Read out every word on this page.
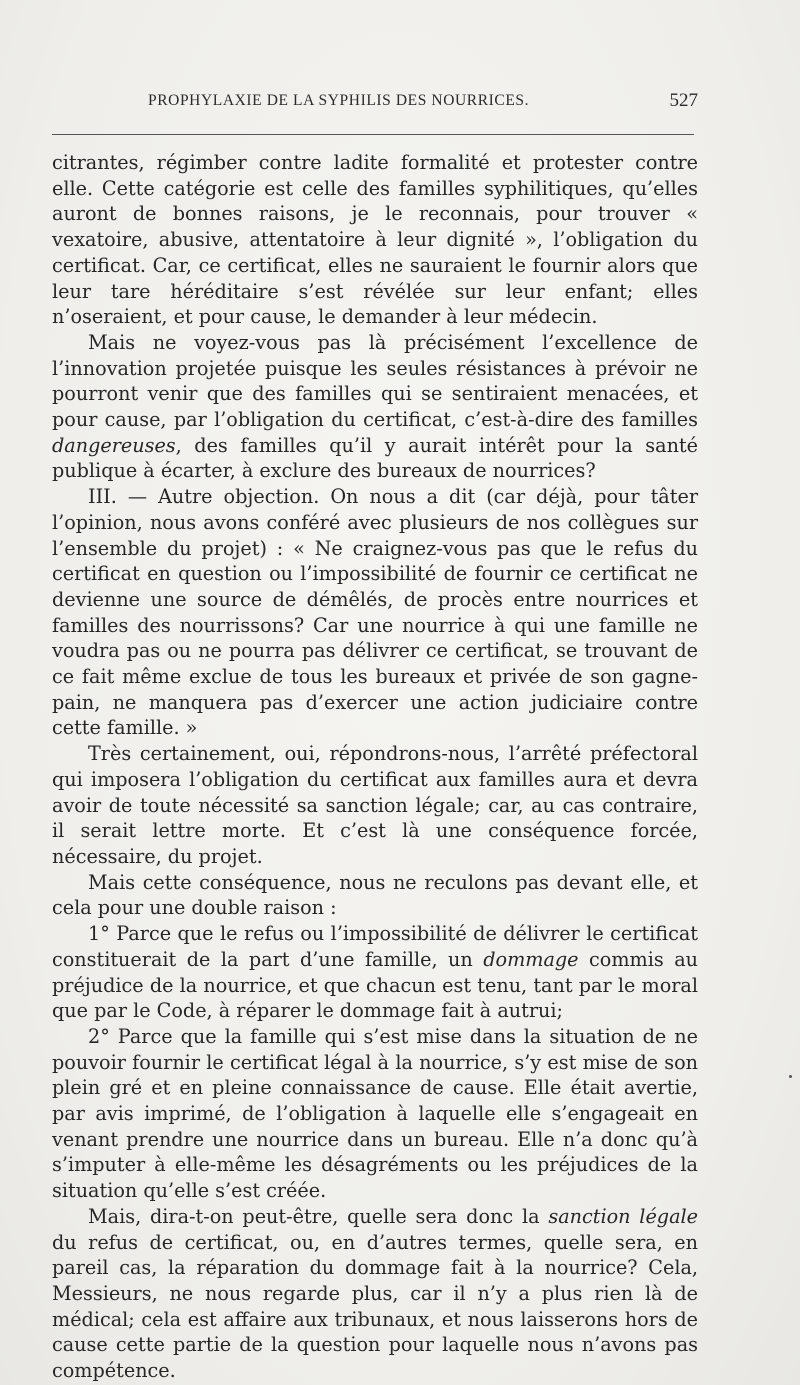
PROPHYLAXIE DE LA SYPHILIS DES NOURRICES.	527

citrantes, régimber contre ladite formalité et protester contre elle. Cette catégorie est celle des familles syphilitiques, qu’elles auront de bonnes raisons, je le reconnais, pour trouver « vexatoire, abusive, attentatoire à leur dignité », l’obligation du certificat. Car, ce certificat, elles ne sauraient le fournir alors que leur tare héréditaire s’est révélée sur leur enfant; elles n’oseraient, et pour cause, le demander à leur médecin.

Mais ne voyez-vous pas là précisément l’excellence de l’innovation projetée puisque les seules résistances à prévoir ne pourront venir que des familles qui se sentiraient menacées, et pour cause, par l’obligation du certificat, c’est-à-dire des familles dangereuses, des familles qu’il y aurait intérêt pour la santé publique à écarter, à exclure des bureaux de nourrices?

III. — Autre objection. On nous a dit (car déjà, pour tâter l’opinion, nous avons conféré avec plusieurs de nos collègues sur l’ensemble du projet) : « Ne craignez-vous pas que le refus du certificat en question ou l’impossibilité de fournir ce certificat ne devienne une source de démêlés, de procès entre nourrices et familles des nourrissons? Car une nourrice à qui une famille ne voudra pas ou ne pourra pas délivrer ce certificat, se trouvant de ce fait même exclue de tous les bureaux et privée de son gagne-pain, ne manquera pas d’exercer une action judiciaire contre cette famille. »

Très certainement, oui, répondrons-nous, l’arrêté préfectoral qui imposera l’obligation du certificat aux familles aura et devra avoir de toute nécessité sa sanction légale; car, au cas contraire, il serait lettre morte. Et c’est là une conséquence forcée, nécessaire, du projet.

Mais cette conséquence, nous ne reculons pas devant elle, et cela pour une double raison :

1° Parce que le refus ou l’impossibilité de délivrer le certificat constituerait de la part d’une famille, un dommage commis au préjudice de la nourrice, et que chacun est tenu, tant par le moral que par le Code, à réparer le dommage fait à autrui;

2° Parce que la famille qui s’est mise dans la situation de ne pouvoir fournir le certificat légal à la nourrice, s’y est mise de son plein gré et en pleine connaissance de cause. Elle était avertie, par avis imprimé, de l’obligation à laquelle elle s’engageait en venant prendre une nourrice dans un bureau. Elle n’a donc qu’à s’imputer à elle-même les désagréments ou les préjudices de la situation qu’elle s’est créée.

Mais, dira-t-on peut-être, quelle sera donc la sanction légale du refus de certificat, ou, en d’autres termes, quelle sera, en pareil cas, la réparation du dommage fait à la nourrice? Cela, Messieurs, ne nous regarde plus, car il n’y a plus rien là de médical; cela est affaire aux tribunaux, et nous laisserons hors de cause cette partie de la question pour laquelle nous n’avons pas compétence.
